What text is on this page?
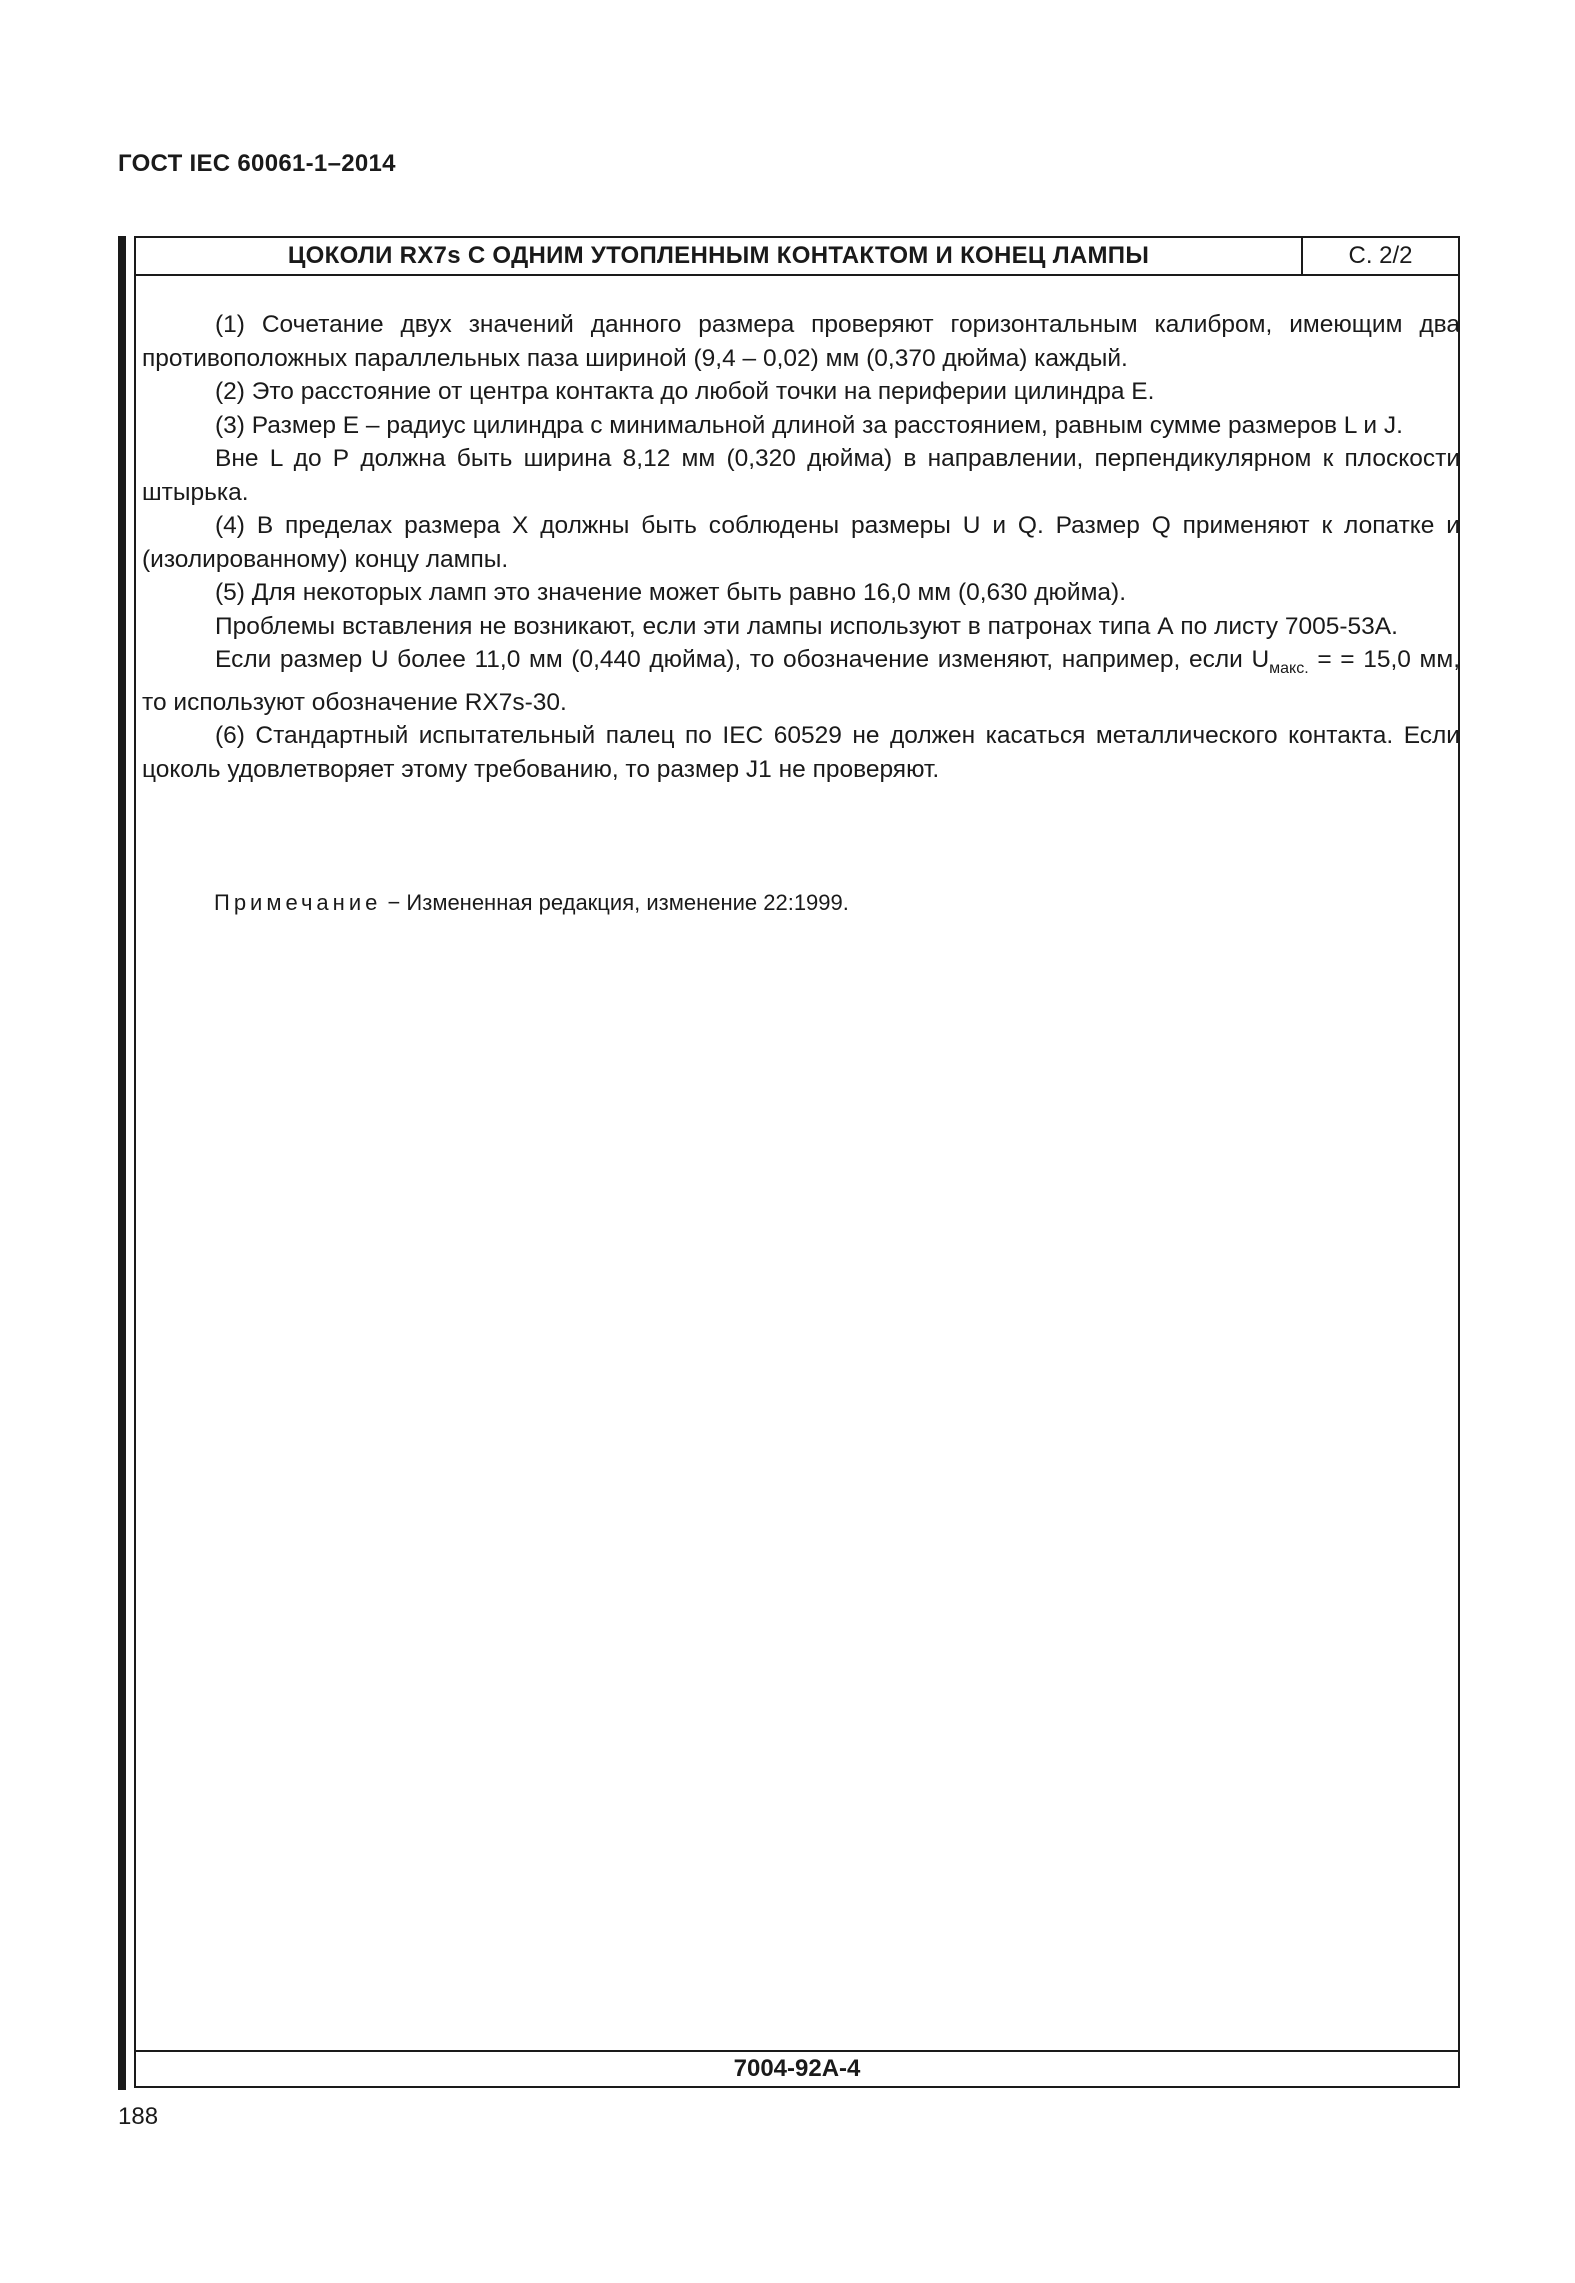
ГОСТ IEC 60061-1–2014
ЦОКОЛИ RX7s С ОДНИМ УТОПЛЕННЫМ КОНТАКТОМ И КОНЕЦ ЛАМПЫ	С. 2/2

(1) Сочетание двух значений данного размера проверяют горизонтальным калибром, имеющим два противоположных параллельных паза шириной (9,4 – 0,02) мм (0,370 дюйма) каждый.

(2) Это расстояние от центра контакта до любой точки на периферии цилиндра Е.

(3) Размер Е – радиус цилиндра с минимальной длиной за расстоянием, равным сумме размеров L и J.

Вне L до Р должна быть ширина 8,12 мм (0,320 дюйма) в направлении, перпендикулярном к плоскости штырька.

(4) В пределах размера X должны быть соблюдены размеры U и Q. Размер Q применяют к лопатке и (изолированному) концу лампы.

(5) Для некоторых ламп это значение может быть равно 16,0 мм (0,630 дюйма).

Проблемы вставления не возникают, если эти лампы используют в патронах типа А по листу 7005-53А.

Если размер U более 11,0 мм (0,440 дюйма), то обозначение изменяют, например, если $U_{макс.}$ = = 15,0 мм, то используют обозначение RX7s-30.

(6) Стандартный испытательный палец по IEC 60529 не должен касаться металлического контакта. Если цоколь удовлетворяет этому требованию, то размер J1 не проверяют.

Примечание − Измененная редакция, изменение 22:1999.
7004-92А-4
188
